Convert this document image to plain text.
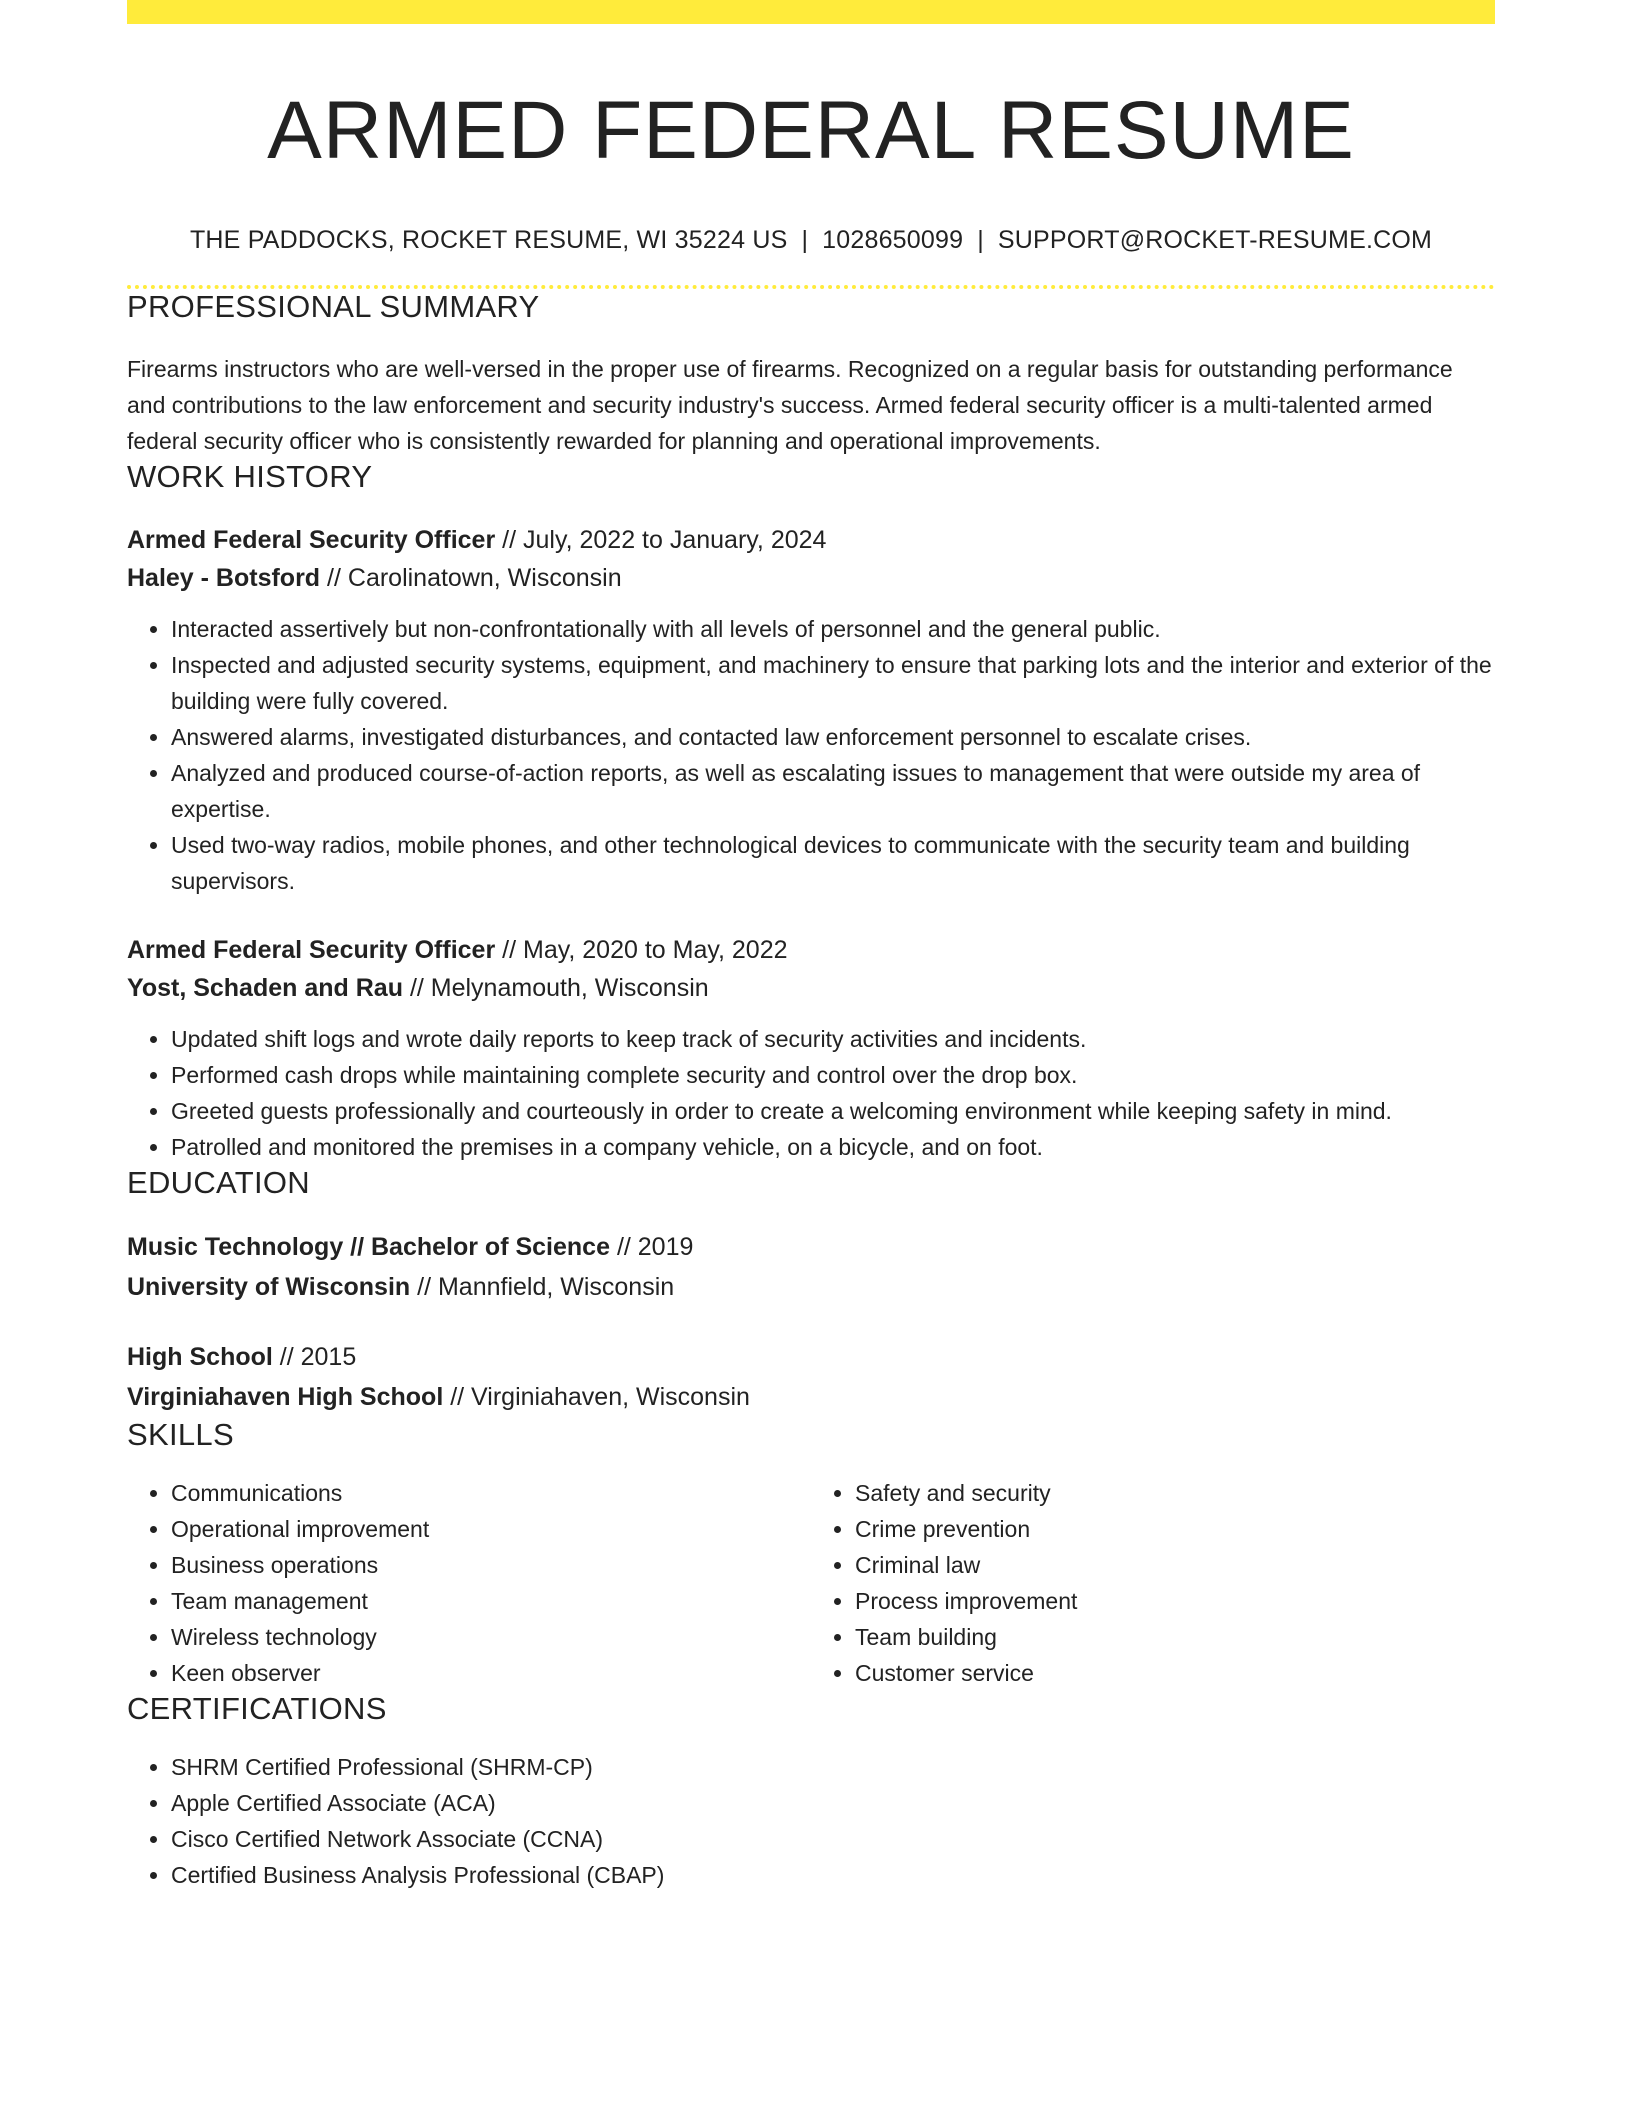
ARMED FEDERAL RESUME
THE PADDOCKS, ROCKET RESUME, WI 35224 US | 1028650099 | SUPPORT@ROCKET-RESUME.COM
PROFESSIONAL SUMMARY

Firearms instructors who are well-versed in the proper use of firearms. Recognized on a regular basis for outstanding performance and contributions to the law enforcement and security industry's success. Armed federal security officer is a multi-talented armed federal security officer who is consistently rewarded for planning and operational improvements.

WORK HISTORY
Armed Federal Security Officer // July, 2022 to January, 2024
Haley - Botsford // Carolinatown, Wisconsin
• Interacted assertively but non-confrontationally with all levels of personnel and the general public.
• Inspected and adjusted security systems, equipment, and machinery to ensure that parking lots and the interior and exterior of the building were fully covered.
• Answered alarms, investigated disturbances, and contacted law enforcement personnel to escalate crises.
• Analyzed and produced course-of-action reports, as well as escalating issues to management that were outside my area of expertise.
• Used two-way radios, mobile phones, and other technological devices to communicate with the security team and building supervisors.
Armed Federal Security Officer // May, 2020 to May, 2022
Yost, Schaden and Rau // Melynamouth, Wisconsin
• Updated shift logs and wrote daily reports to keep track of security activities and incidents.
• Performed cash drops while maintaining complete security and control over the drop box.
• Greeted guests professionally and courteously in order to create a welcoming environment while keeping safety in mind.
• Patrolled and monitored the premises in a company vehicle, on a bicycle, and on foot.
EDUCATION
Music Technology // Bachelor of Science // 2019
University of Wisconsin // Mannfield, Wisconsin
High School // 2015
Virginiahaven High School // Virginiahaven, Wisconsin
SKILLS
• Communications
• Operational improvement
• Business operations
• Team management
• Wireless technology
• Keen observer
• Safety and security
• Crime prevention
• Criminal law
• Process improvement
• Team building
• Customer service
CERTIFICATIONS
• SHRM Certified Professional (SHRM-CP)
• Apple Certified Associate (ACA)
• Cisco Certified Network Associate (CCNA)
• Certified Business Analysis Professional (CBAP)
